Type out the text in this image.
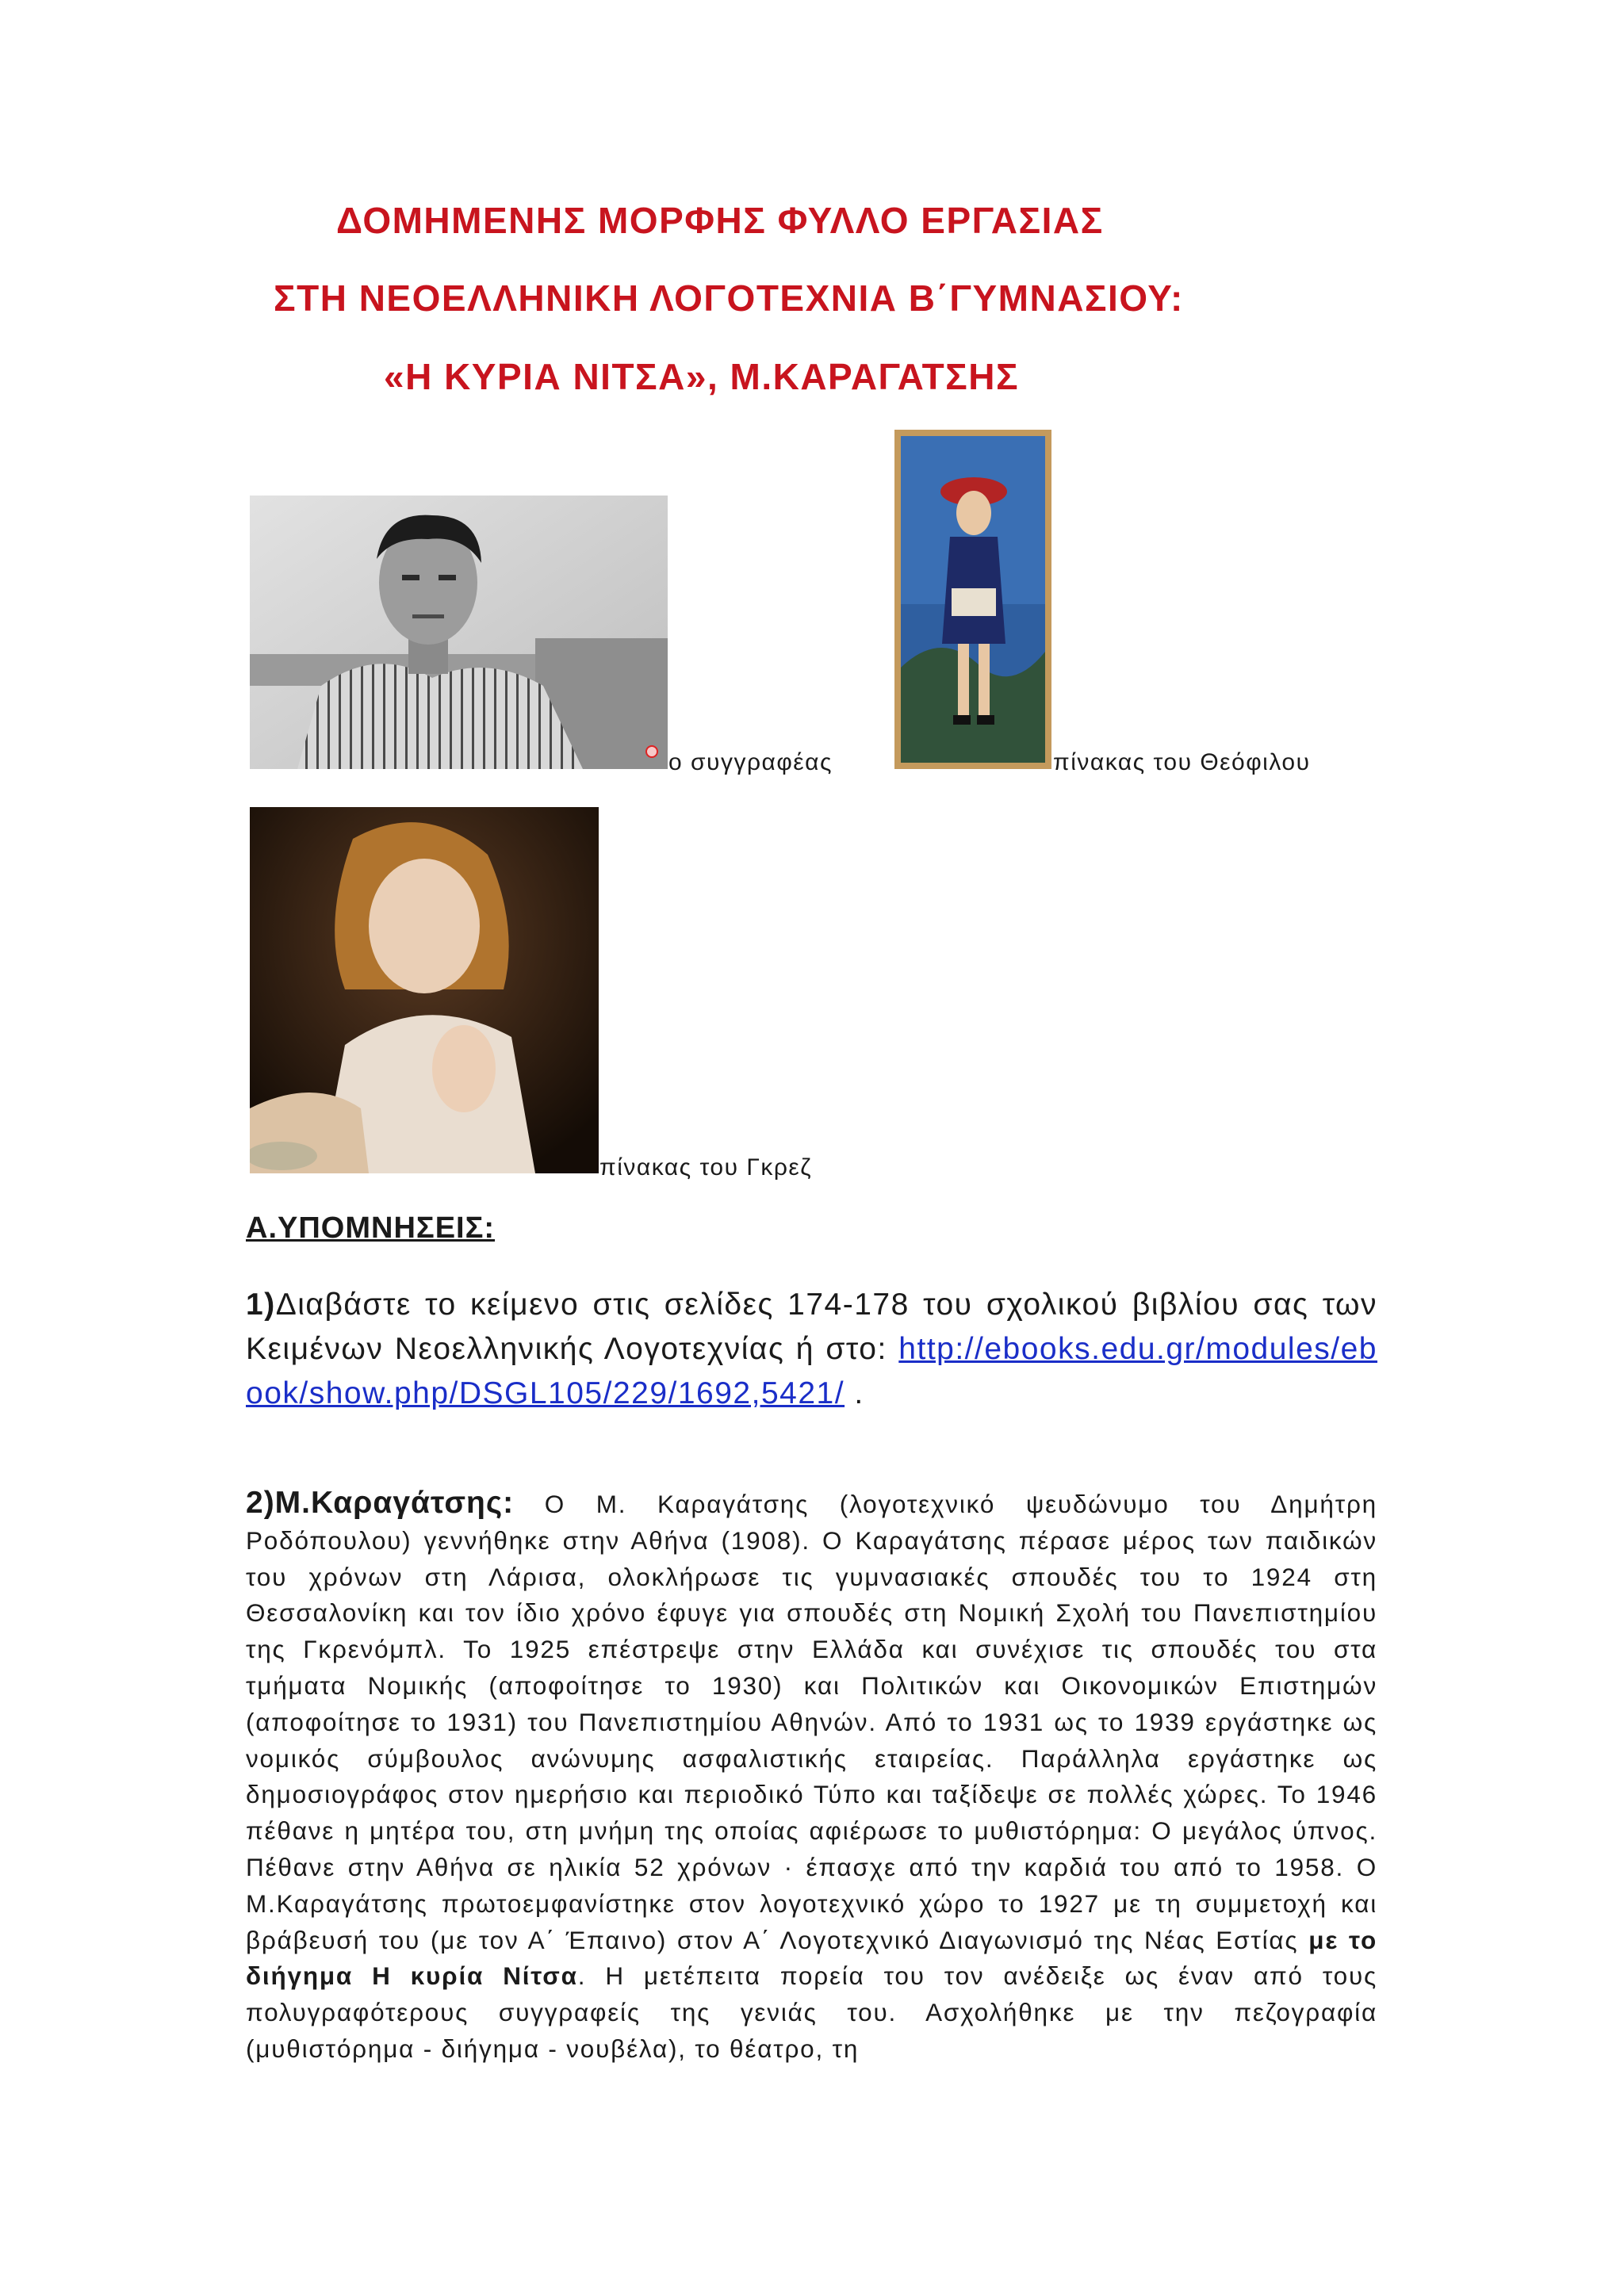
ΔΟΜΗΜΕΝΗΣ ΜΟΡΦΗΣ ΦΥΛΛΟ ΕΡΓΑΣΙΑΣ
ΣΤΗ ΝΕΟΕΛΛΗΝΙΚΗ ΛΟΓΟΤΕΧΝΙΑ Β΄ΓΥΜΝΑΣΙΟΥ:
«Η ΚΥΡΙΑ ΝΙΤΣΑ», Μ.ΚΑΡΑΓΑΤΣΗΣ
ο συγγραφέας	πίνακας του Θεόφιλου
πίνακας του Γκρεζ
Α.ΥΠΟΜΝΗΣΕΙΣ:
1)Διαβάστε το κείμενο στις σελίδες 174-178 του σχολικού βιβλίου σας των Κειμένων Νεοελληνικής Λογοτεχνίας ή στο: http://ebooks.edu.gr/modules/ebook/show.php/DSGL105/229/1692,5421/ .
2)Μ.Καραγάτσης: Ο Μ. Καραγάτσης (λογοτεχνικό ψευδώνυμο του Δημήτρη Ροδόπουλου) γεννήθηκε στην Αθήνα (1908). Ο Καραγάτσης πέρασε μέρος των παιδικών του χρόνων στη Λάρισα, ολοκλήρωσε τις γυμνασιακές σπουδές του το 1924 στη Θεσσαλονίκη και τον ίδιο χρόνο έφυγε για σπουδές στη Νομική Σχολή του Πανεπιστημίου της Γκρενόμπλ. Το 1925 επέστρεψε στην Ελλάδα και συνέχισε τις σπουδές του στα τμήματα Νομικής (αποφοίτησε το 1930) και Πολιτικών και Οικονομικών Επιστημών (αποφοίτησε το 1931) του Πανεπιστημίου Αθηνών. Από το 1931 ως το 1939 εργάστηκε ως νομικός σύμβουλος ανώνυμης ασφαλιστικής εταιρείας. Παράλληλα εργάστηκε ως δημοσιογράφος στον ημερήσιο και περιοδικό Τύπο και ταξίδεψε σε πολλές χώρες. Το 1946 πέθανε η μητέρα του, στη μνήμη της οποίας αφιέρωσε το μυθιστόρημα: Ο μεγάλος ύπνος. Πέθανε στην Αθήνα σε ηλικία 52 χρόνων · έπασχε από την καρδιά του από το 1958. Ο Μ.Καραγάτσης πρωτοεμφανίστηκε στον λογοτεχνικό χώρο το 1927 με τη συμμετοχή και βράβευσή του (με τον Α΄ Έπαινο) στον Α΄ Λογοτεχνικό Διαγωνισμό της Νέας Εστίας με το διήγημα Η κυρία Νίτσα. Η μετέπειτα πορεία του τον ανέδειξε ως έναν από τους πολυγραφότερους συγγραφείς της γενιάς του. Ασχολήθηκε με την πεζογραφία (μυθιστόρημα - διήγημα - νουβέλα), το θέατρο, τη
